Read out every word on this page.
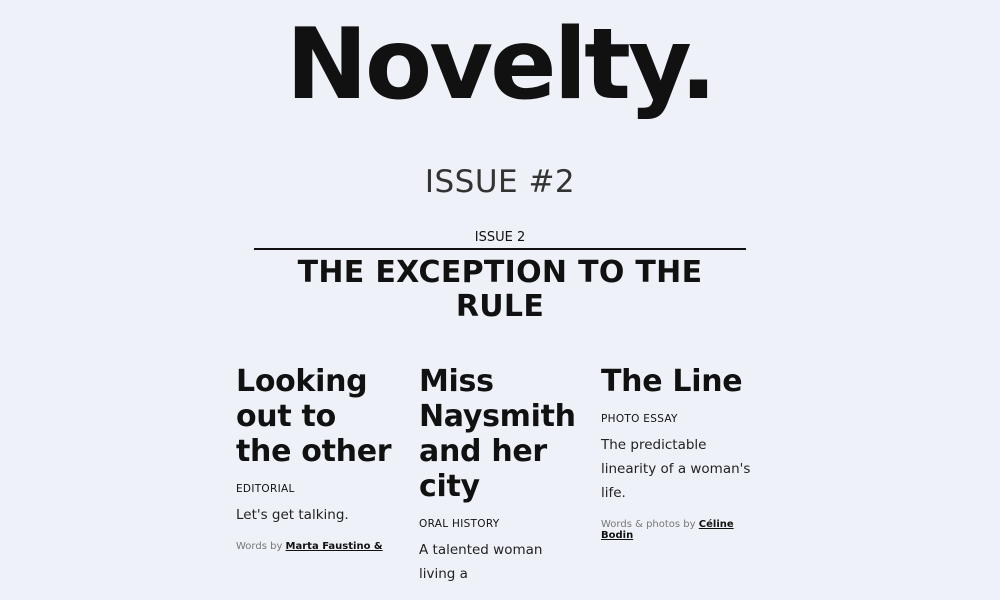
Novelty.
ISSUE #2
ISSUE 2
THE EXCEPTION TO THE RULE
Looking out to the other
EDITORIAL
Let's get talking.
Words by Marta Faustino &
Miss Naysmith and her city
ORAL HISTORY
A talented woman living a
The Line
PHOTO ESSAY
The predictable linearity of a woman's life.
Words & photos by Céline Bodin
